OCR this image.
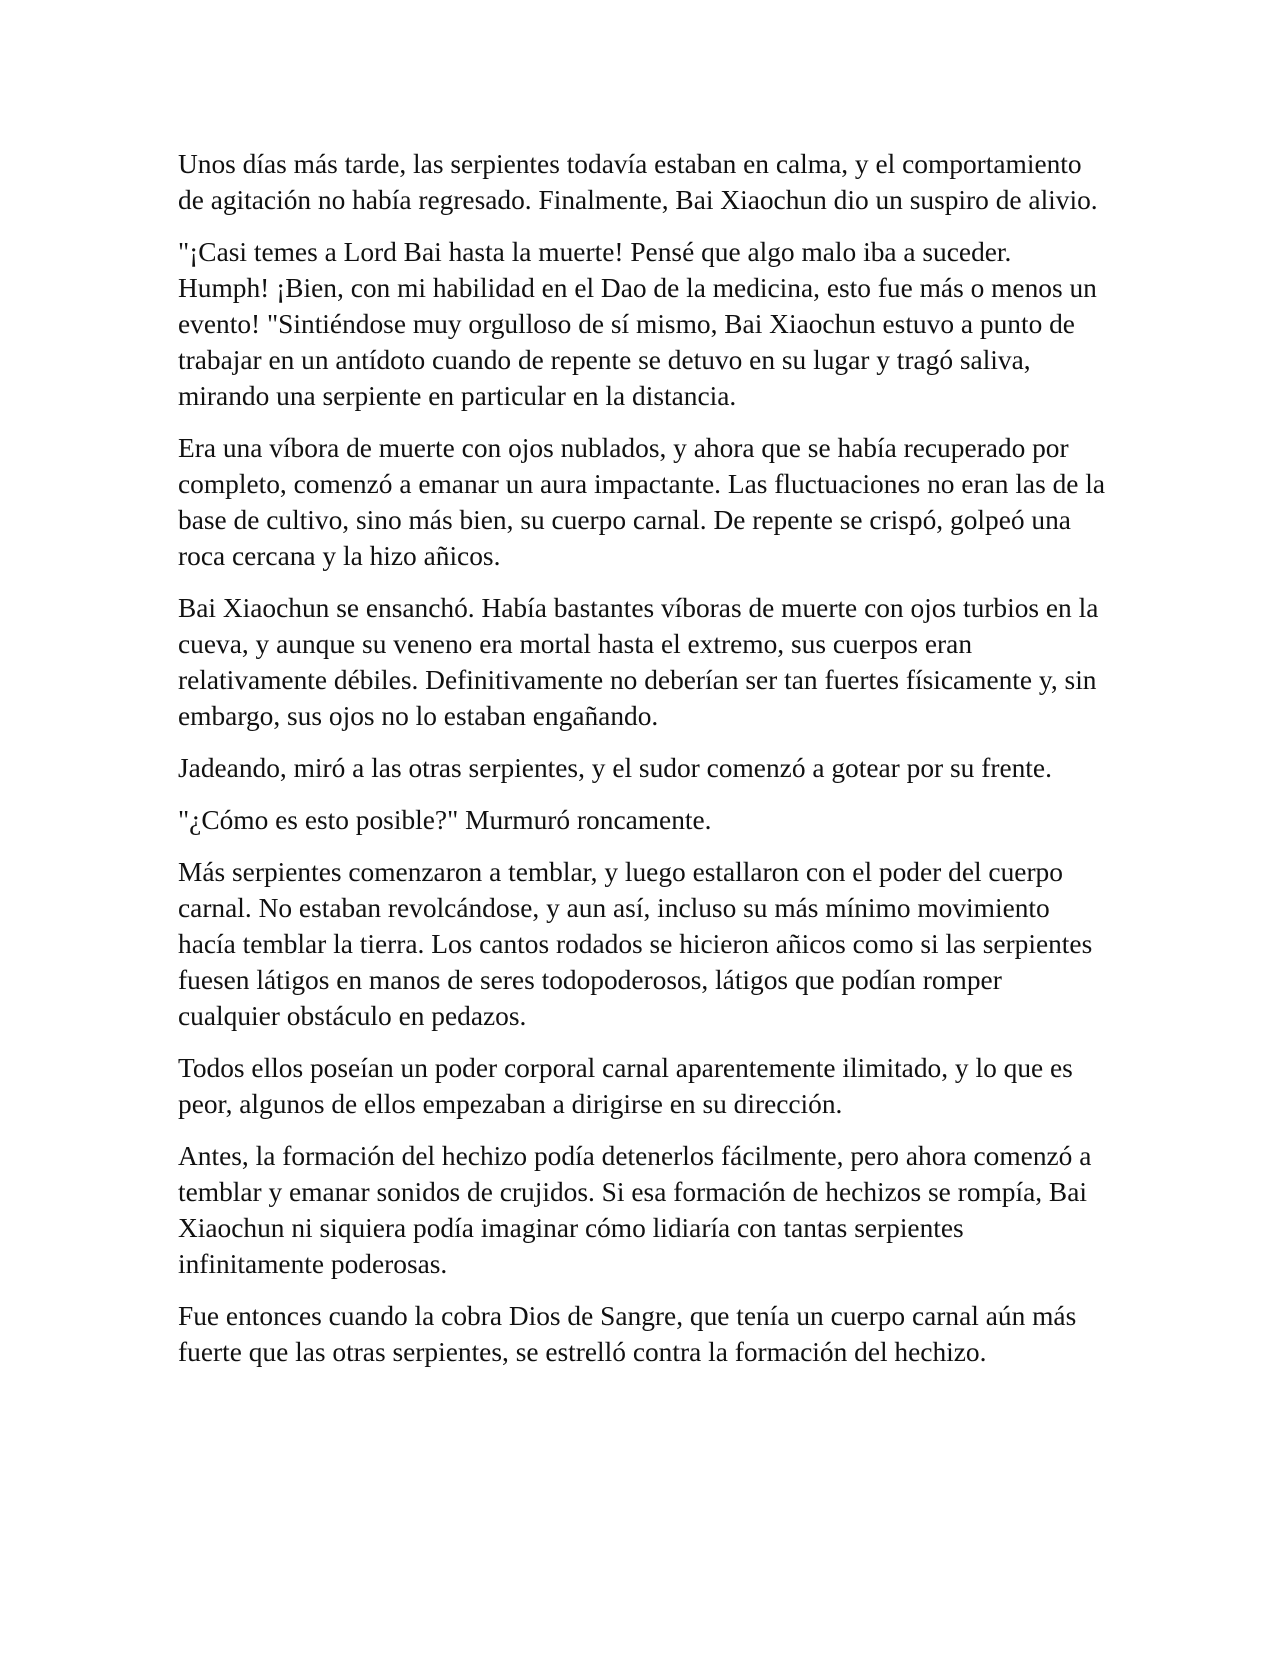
Unos días más tarde, las serpientes todavía estaban en calma, y el comportamiento de agitación no había regresado. Finalmente, Bai Xiaochun dio un suspiro de alivio.

"¡Casi temes a Lord Bai hasta la muerte! Pensé que algo malo iba a suceder. Humph! ¡Bien, con mi habilidad en el Dao de la medicina, esto fue más o menos un evento! "Sintiéndose muy orgulloso de sí mismo, Bai Xiaochun estuvo a punto de trabajar en un antídoto cuando de repente se detuvo en su lugar y tragó saliva, mirando una serpiente en particular en la distancia.

Era una víbora de muerte con ojos nublados, y ahora que se había recuperado por completo, comenzó a emanar un aura impactante. Las fluctuaciones no eran las de la base de cultivo, sino más bien, su cuerpo carnal. De repente se crispó, golpeó una roca cercana y la hizo añicos.

Bai Xiaochun se ensanchó. Había bastantes víboras de muerte con ojos turbios en la cueva, y aunque su veneno era mortal hasta el extremo, sus cuerpos eran relativamente débiles. Definitivamente no deberían ser tan fuertes físicamente y, sin embargo, sus ojos no lo estaban engañando.

Jadeando, miró a las otras serpientes, y el sudor comenzó a gotear por su frente.

"¿Cómo es esto posible?" Murmuró roncamente.

Más serpientes comenzaron a temblar, y luego estallaron con el poder del cuerpo carnal. No estaban revolcándose, y aun así, incluso su más mínimo movimiento hacía temblar la tierra. Los cantos rodados se hicieron añicos como si las serpientes fuesen látigos en manos de seres todopoderosos, látigos que podían romper cualquier obstáculo en pedazos.

Todos ellos poseían un poder corporal carnal aparentemente ilimitado, y lo que es peor, algunos de ellos empezaban a dirigirse en su dirección.

Antes, la formación del hechizo podía detenerlos fácilmente, pero ahora comenzó a temblar y emanar sonidos de crujidos. Si esa formación de hechizos se rompía, Bai Xiaochun ni siquiera podía imaginar cómo lidiaría con tantas serpientes infinitamente poderosas.

Fue entonces cuando la cobra Dios de Sangre, que tenía un cuerpo carnal aún más fuerte que las otras serpientes, se estrelló contra la formación del hechizo.
